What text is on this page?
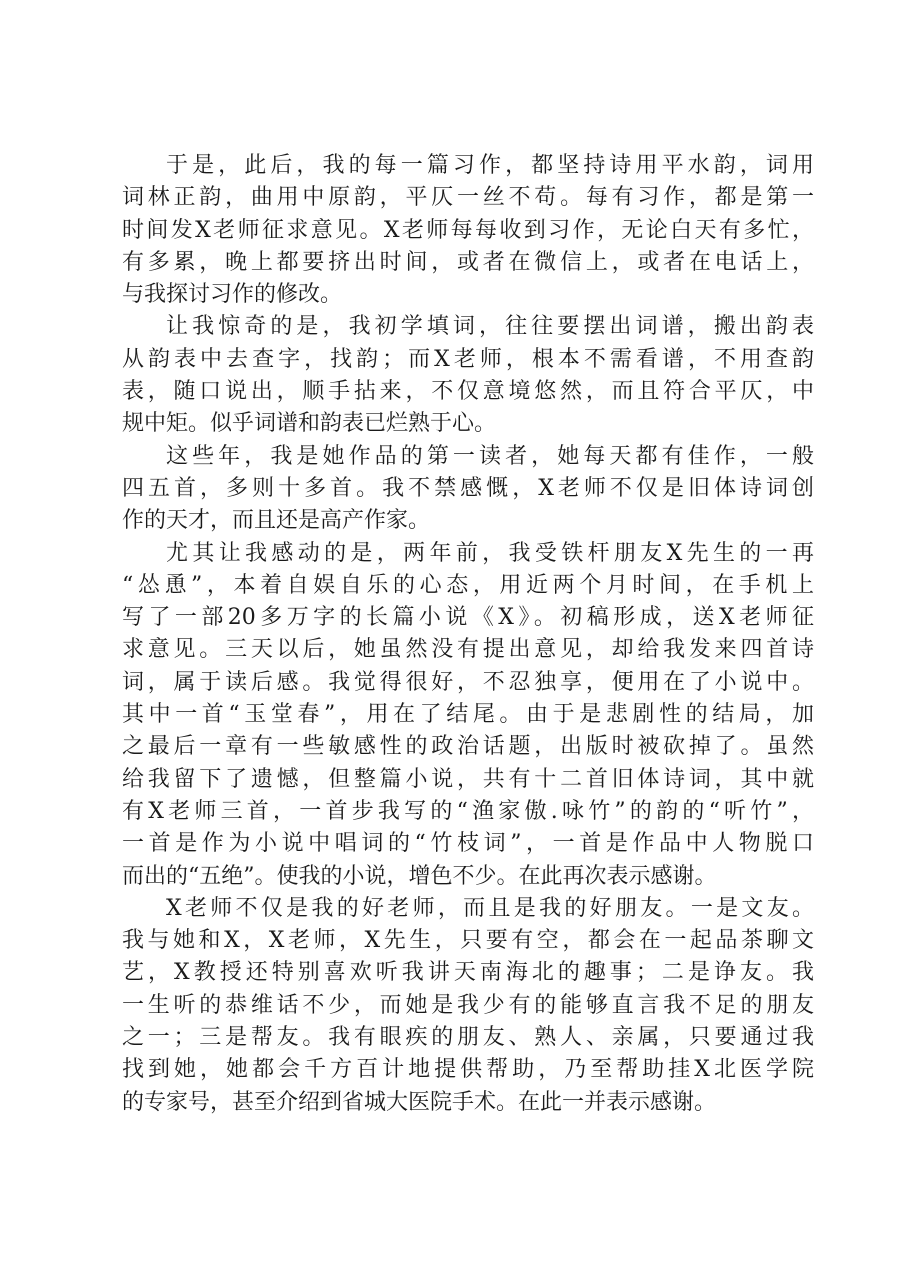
于是，此后，我的每一篇习作，都坚持诗用平水韵，词用
词林正韵，曲用中原韵，平仄一丝不苟。每有习作，都是第一
时间发X老师征求意见。X老师每每收到习作，无论白天有多忙，
有多累，晚上都要挤出时间，或者在微信上，或者在电话上，
与我探讨习作的修改。
让我惊奇的是，我初学填词，往往要摆出词谱，搬出韵表
从韵表中去查字，找韵；而X老师，根本不需看谱，不用查韵
表，随口说出，顺手拈来，不仅意境悠然，而且符合平仄，中
规中矩。似乎词谱和韵表已烂熟于心。
这些年，我是她作品的第一读者，她每天都有佳作，一般
四五首，多则十多首。我不禁感慨，X老师不仅是旧体诗词创
作的天才，而且还是高产作家。
尤其让我感动的是，两年前，我受铁杆朋友X先生的一再
“怂恿”，本着自娱自乐的心态，用近两个月时间，在手机上
写了一部20多万字的长篇小说《X》。初稿形成，送X老师征
求意见。三天以后，她虽然没有提出意见，却给我发来四首诗
词，属于读后感。我觉得很好，不忍独享，便用在了小说中。
其中一首“玉堂春”，用在了结尾。由于是悲剧性的结局，加
之最后一章有一些敏感性的政治话题，出版时被砍掉了。虽然
给我留下了遗憾，但整篇小说，共有十二首旧体诗词，其中就
有X老师三首，一首步我写的“渔家傲.咏竹”的韵的“听竹”，
一首是作为小说中唱词的“竹枝词”，一首是作品中人物脱口
而出的“五绝”。使我的小说，增色不少。在此再次表示感谢。
X老师不仅是我的好老师，而且是我的好朋友。一是文友。
我与她和X，X老师，X先生，只要有空，都会在一起品茶聊文
艺，X教授还特别喜欢听我讲天南海北的趣事；二是诤友。我
一生听的恭维话不少，而她是我少有的能够直言我不足的朋友
之一；三是帮友。我有眼疾的朋友、熟人、亲属，只要通过我
找到她，她都会千方百计地提供帮助，乃至帮助挂X北医学院
的专家号，甚至介绍到省城大医院手术。在此一并表示感谢。
